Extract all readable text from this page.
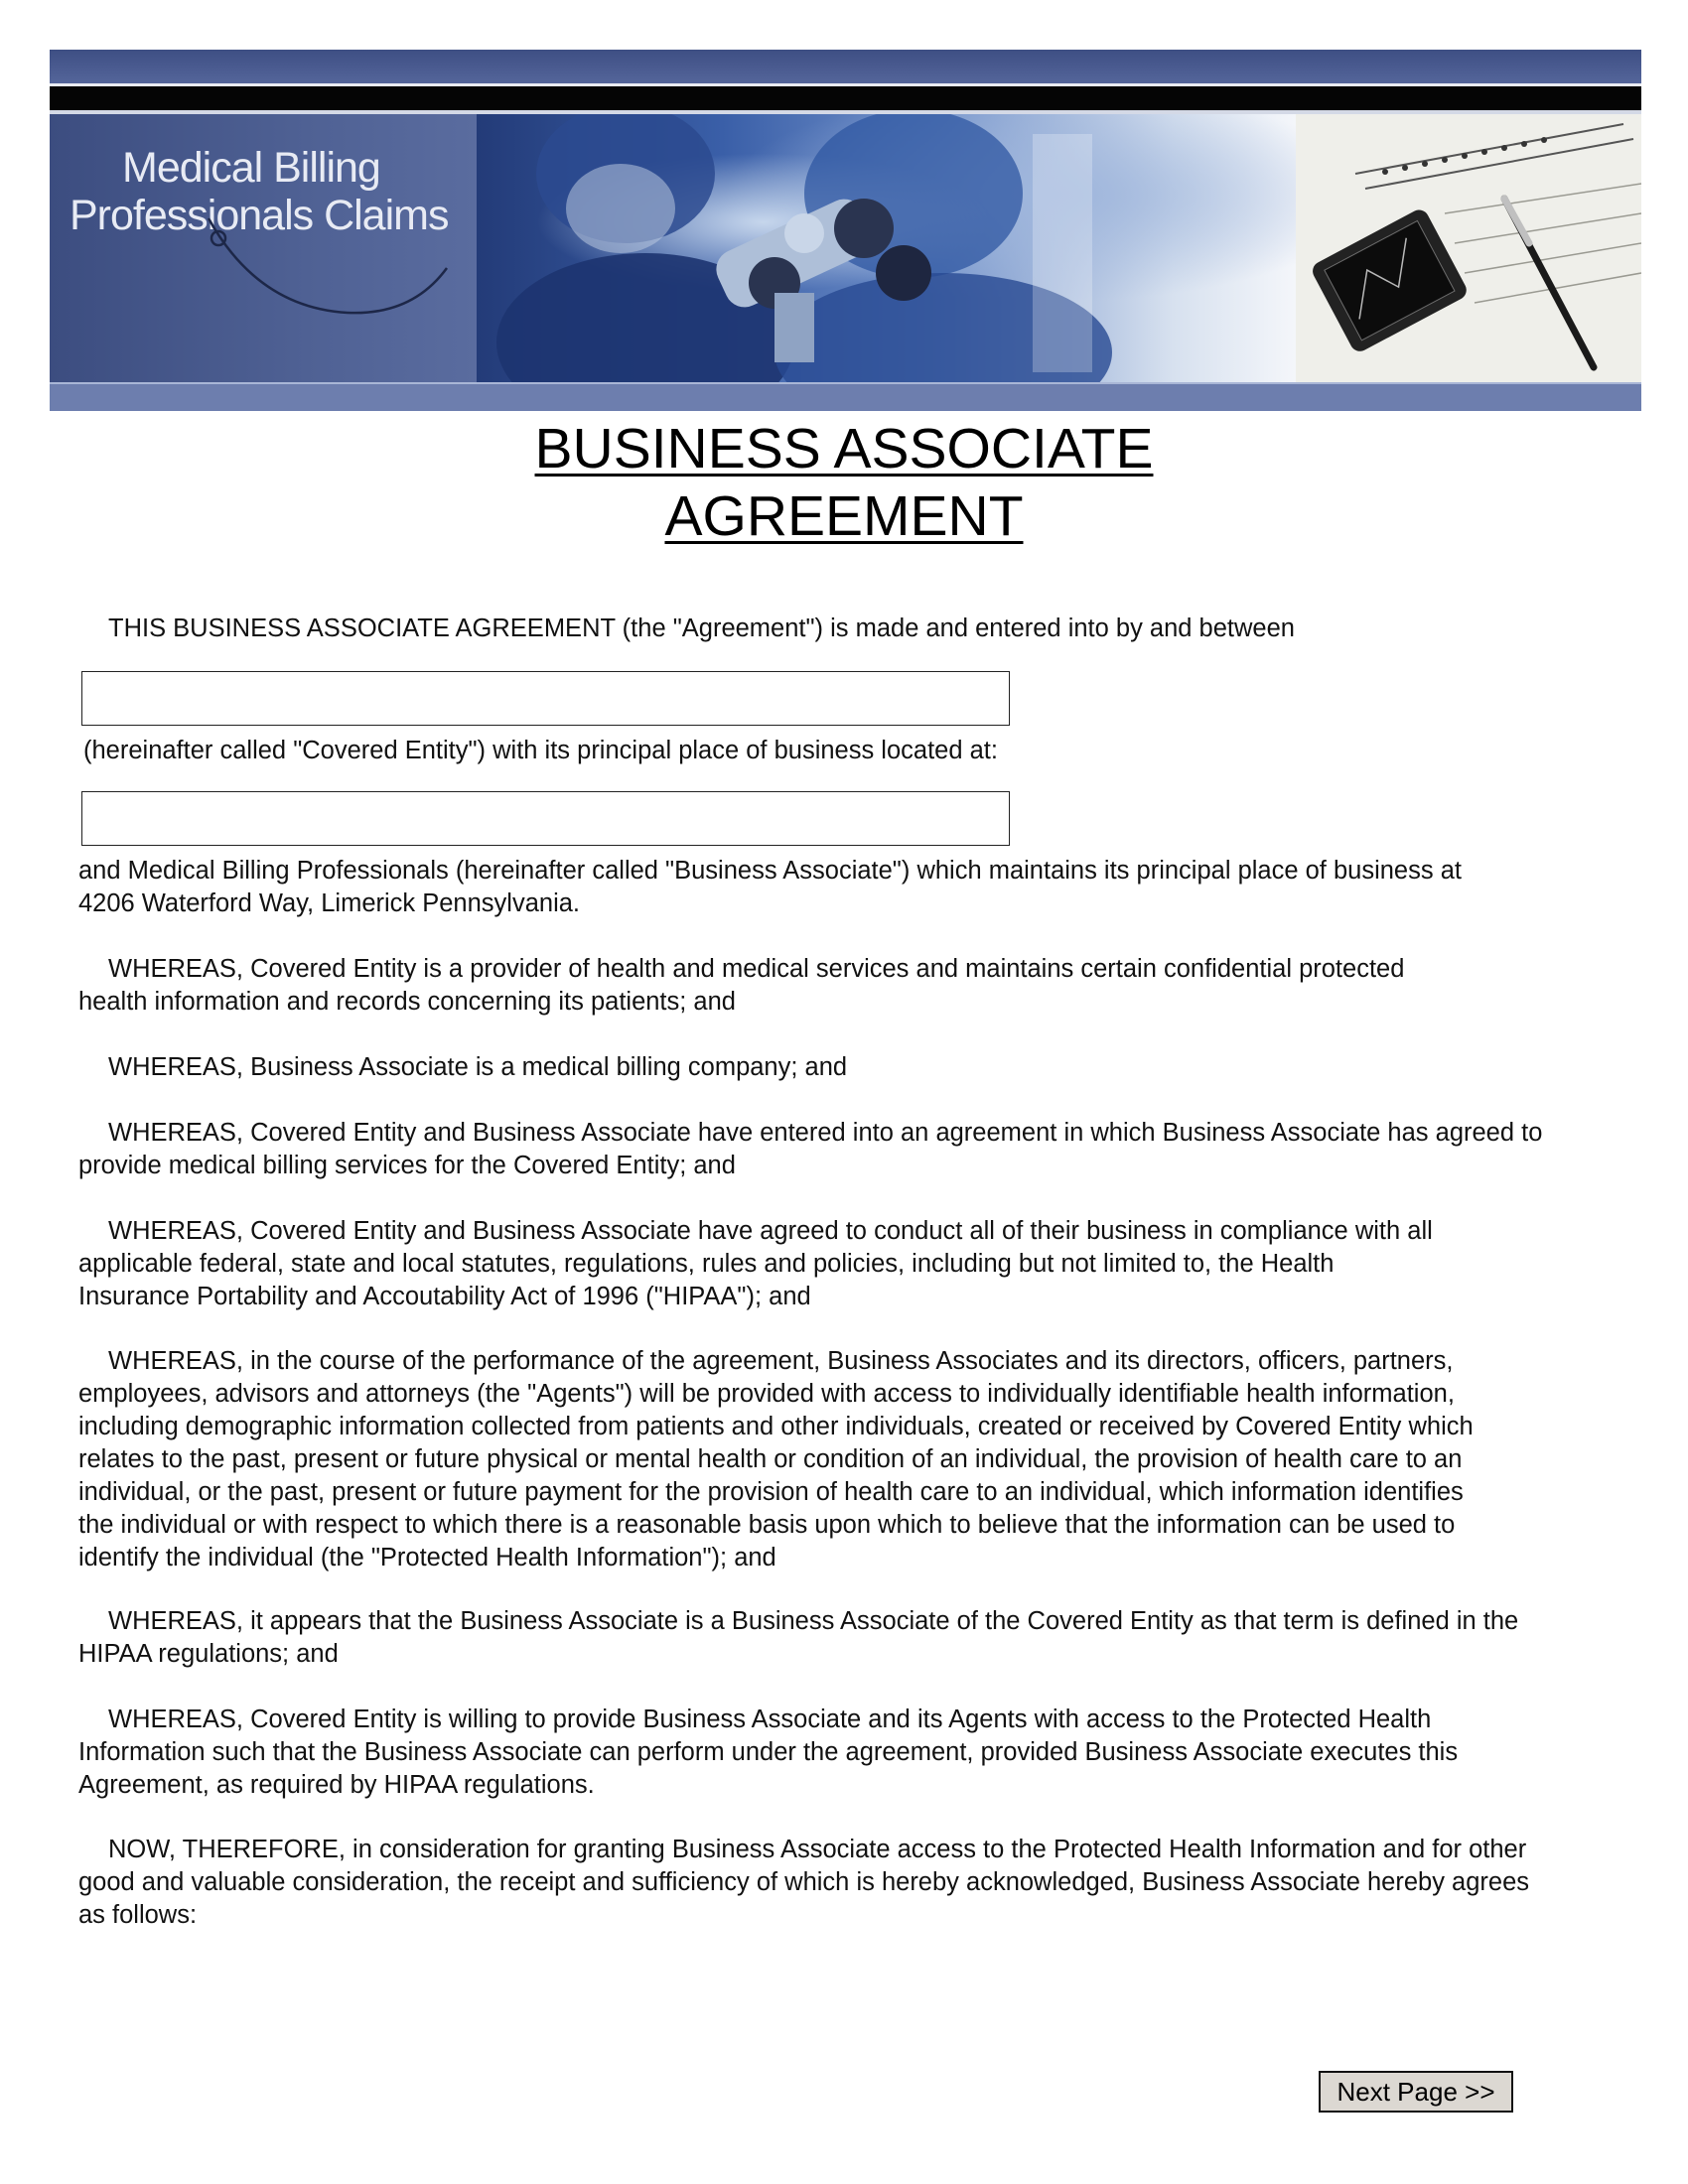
Medical Billing
Professionals Claims
BUSINESS ASSOCIATE
AGREEMENT

THIS BUSINESS ASSOCIATE AGREEMENT (the "Agreement") is made and entered into by and between

(hereinafter called "Covered Entity") with its principal place of business located at:

and Medical Billing Professionals (hereinafter called "Business Associate") which maintains its principal place of business at
4206 Waterford Way, Limerick Pennsylvania.

WHEREAS, Covered Entity is a provider of health and medical services and maintains certain confidential protected
health information and records concerning its patients; and

WHEREAS, Business Associate is a medical billing company; and

WHEREAS, Covered Entity and Business Associate have entered into an agreement in which Business Associate has agreed to
provide medical billing services for the Covered Entity; and

WHEREAS, Covered Entity and Business Associate have agreed to conduct all of their business in compliance with all
applicable federal, state and local statutes, regulations, rules and policies, including but not limited to, the Health
Insurance Portability and Accoutability Act of 1996 ("HIPAA"); and

WHEREAS, in the course of the performance of the agreement, Business Associates and its directors, officers, partners,
employees, advisors and attorneys (the "Agents") will be provided with access to individually identifiable health information,
including demographic information collected from patients and other individuals, created or received by Covered Entity which
relates to the past, present or future physical or mental health or condition of an individual, the provision of health care to an
individual, or the past, present or future payment for the provision of health care to an individual, which information identifies
the individual or with respect to which there is a reasonable basis upon which to believe that the information can be used to
identify the individual (the "Protected Health Information"); and

WHEREAS, it appears that the Business Associate is a Business Associate of the Covered Entity as that term is defined in the
HIPAA regulations; and

WHEREAS, Covered Entity is willing to provide Business Associate and its Agents with access to the Protected Health
Information such that the Business Associate can perform under the agreement, provided Business Associate executes this
Agreement, as required by HIPAA regulations.

NOW, THEREFORE, in consideration for granting Business Associate access to the Protected Health Information and for other
good and valuable consideration, the receipt and sufficiency of which is hereby acknowledged, Business Associate hereby agrees
as follows:

Next Page >>
